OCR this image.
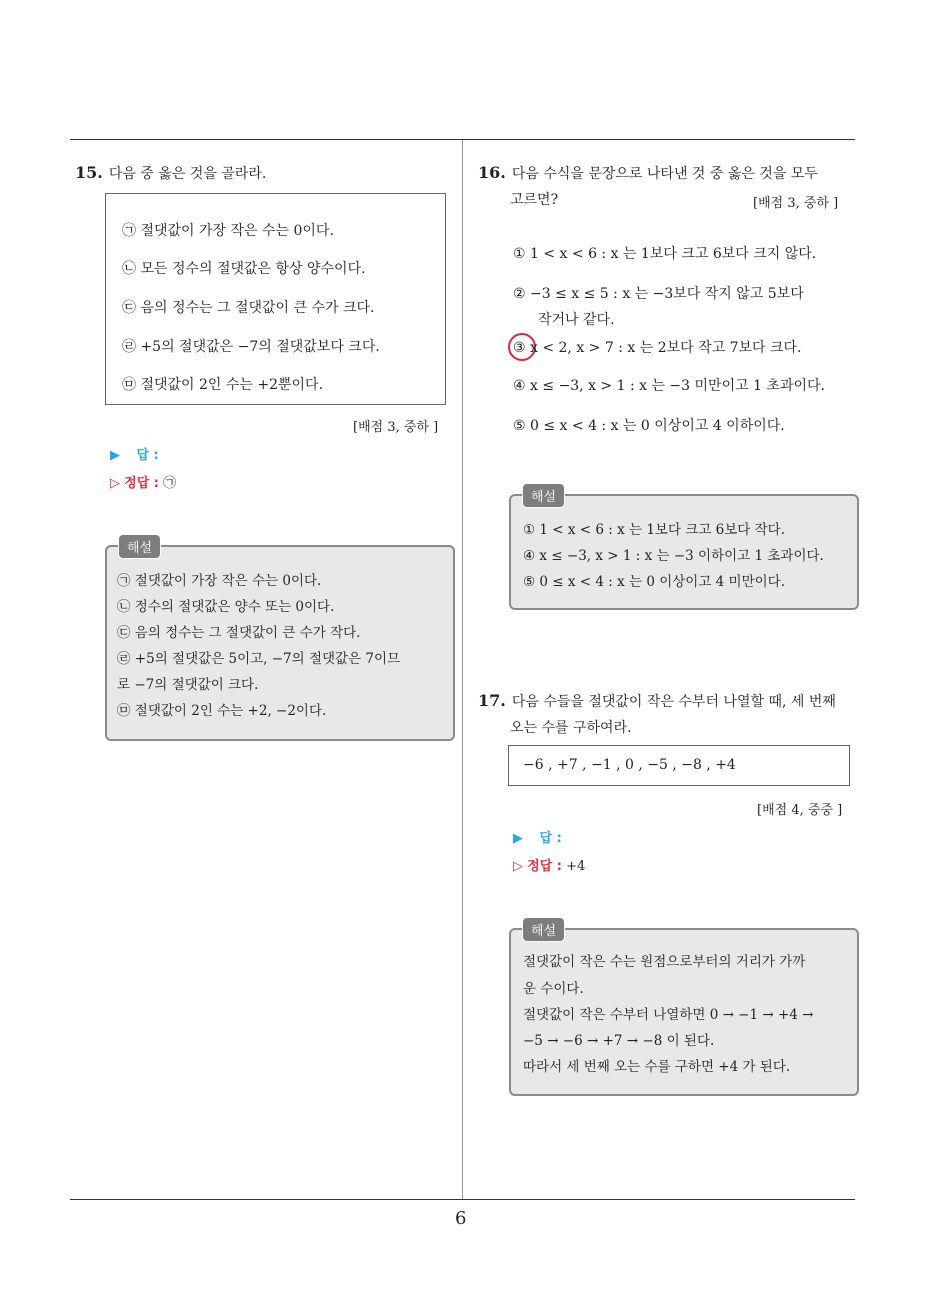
6
15. 다음 중 옳은 것을 골라라.
㉠ 절댓값이 가장 작은 수는 0이다.
㉡ 모든 정수의 절댓값은 항상 양수이다.
㉢ 음의 정수는 그 절댓값이 큰 수가 크다.
㉣ +5의 절댓값은 −7의 절댓값보다 크다.
㉤ 절댓값이 2인 수는 +2뿐이다.
[배점 3, 중하 ]
▶ 답 :
▷ 정답 : ㉠
㉠ 절댓값이 가장 작은 수는 0이다.
㉡ 정수의 절댓값은 양수 또는 0이다.
㉢ 음의 정수는 그 절댓값이 큰 수가 작다.
㉣ +5의 절댓값은 5이고, −7의 절댓값은 7이므
로 −7의 절댓값이 크다.
㉤ 절댓값이 2인 수는 +2, −2이다.
해설
16. 다음 수식을 문장으로 나타낸 것 중 옳은 것을 모두
고르면?	[배점 3, 중하 ]
① 1 < x < 6 : x 는 1보다 크고 6보다 크지 않다.
② −3 ≤ x ≤ 5 : x 는 −3보다 작지 않고 5보다
작거나 같다.
③ x < 2, x > 7 : x 는 2보다 작고 7보다 크다.
④ x ≤ −3, x > 1 : x 는 −3 미만이고 1 초과이다.
⑤ 0 ≤ x < 4 : x 는 0 이상이고 4 이하이다.
① 1 < x < 6 : x 는 1보다 크고 6보다 작다.
④ x ≤ −3, x > 1 : x 는 −3 이하이고 1 초과이다.
⑤ 0 ≤ x < 4 : x 는 0 이상이고 4 미만이다.
해설
17. 다음 수들을 절댓값이 작은 수부터 나열할 때, 세 번째
오는 수를 구하여라.
−6 , +7 , −1 , 0 , −5 , −8 , +4
[배점 4, 중중 ]
▶ 답 :
▷ 정답 : +4
절댓값이 작은 수는 원점으로부터의 거리가 가까
운 수이다.
절댓값이 작은 수부터 나열하면 0 → −1 → +4 →
−5 → −6 → +7 → −8 이 된다.
따라서 세 번째 오는 수를 구하면 +4 가 된다.
해설
